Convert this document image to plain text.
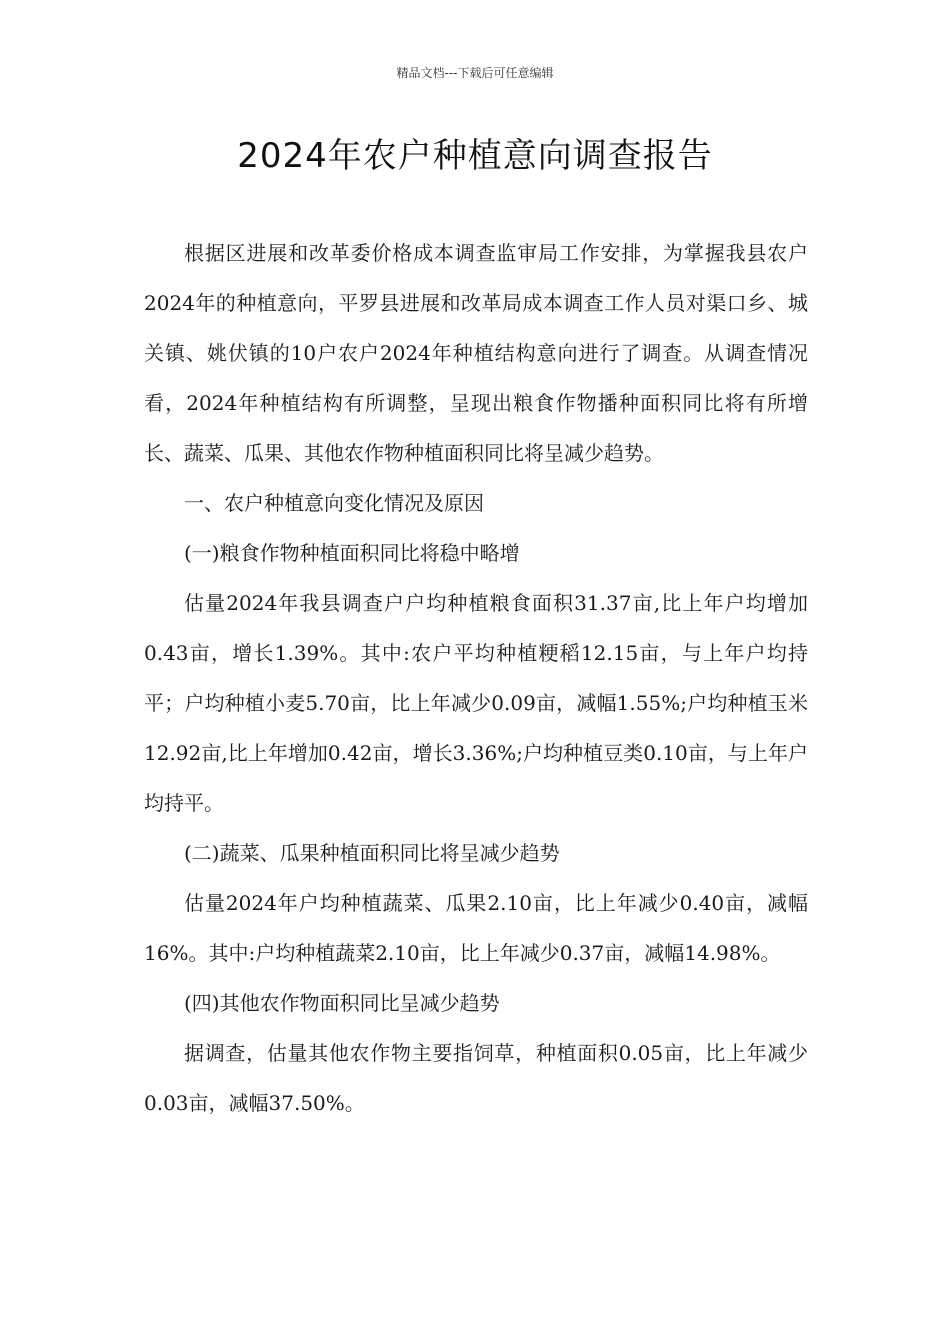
精品文档---下载后可任意编辑
2024年农户种植意向调查报告

根据区进展和改革委价格成本调查监审局工作安排，为掌握我县农户2024年的种植意向，平罗县进展和改革局成本调查工作人员对渠口乡、城关镇、姚伏镇的10户农户2024年种植结构意向进行了调查。从调查情况看，2024年种植结构有所调整，呈现出粮食作物播种面积同比将有所增长、蔬菜、瓜果、其他农作物种植面积同比将呈减少趋势。

一、农户种植意向变化情况及原因

(一)粮食作物种植面积同比将稳中略增

估量2024年我县调查户户均种植粮食面积31.37亩,比上年户均增加0.43亩，增长1.39%。其中:农户平均种植粳稻12.15亩，与上年户均持平；户均种植小麦5.70亩，比上年减少0.09亩，减幅1.55%;户均种植玉米12.92亩,比上年增加0.42亩，增长3.36%;户均种植豆类0.10亩，与上年户均持平。

(二)蔬菜、瓜果种植面积同比将呈减少趋势

估量2024年户均种植蔬菜、瓜果2.10亩，比上年减少0.40亩，减幅16%。其中:户均种植蔬菜2.10亩，比上年减少0.37亩，减幅14.98%。

(四)其他农作物面积同比呈减少趋势

据调查，估量其他农作物主要指饲草，种植面积0.05亩，比上年减少0.03亩，减幅37.50%。
